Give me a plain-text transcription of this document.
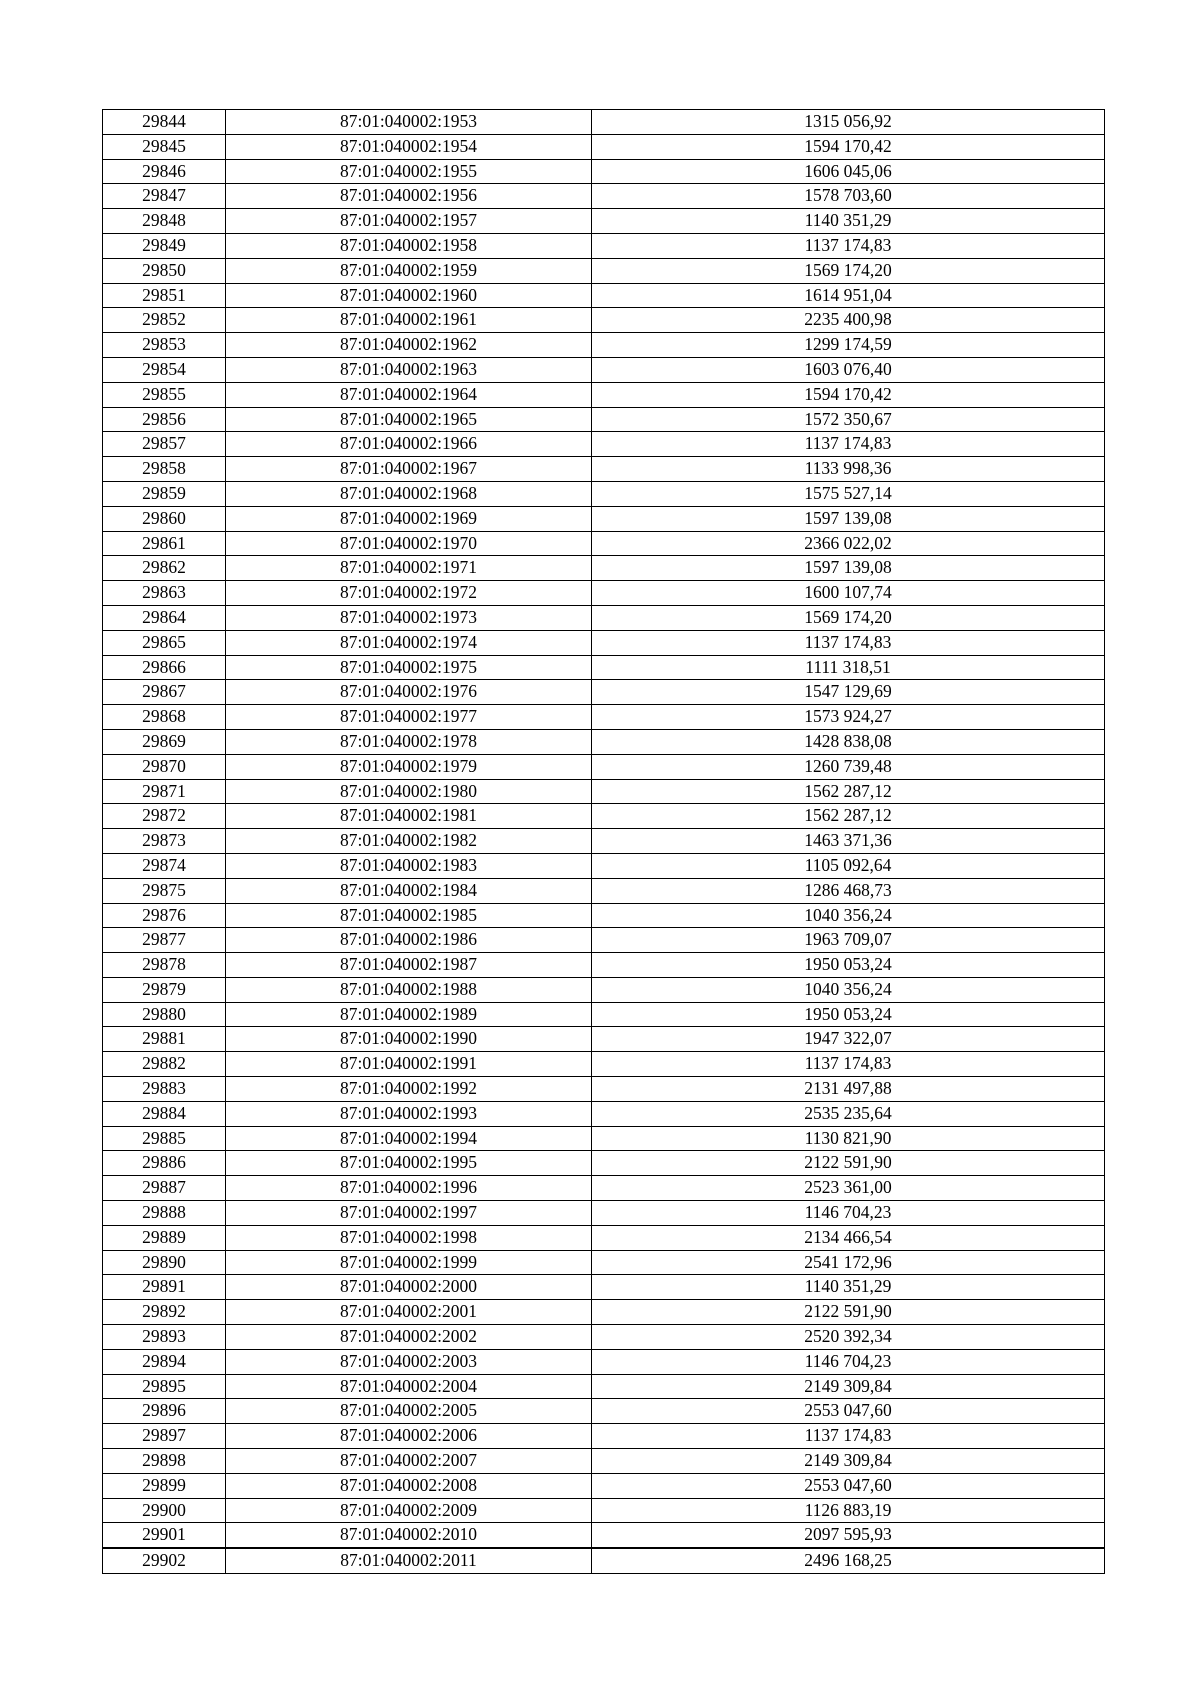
29844	87:01:040002:1953	1315 056,92
29845	87:01:040002:1954	1594 170,42
29846	87:01:040002:1955	1606 045,06
29847	87:01:040002:1956	1578 703,60
29848	87:01:040002:1957	1140 351,29
29849	87:01:040002:1958	1137 174,83
29850	87:01:040002:1959	1569 174,20
29851	87:01:040002:1960	1614 951,04
29852	87:01:040002:1961	2235 400,98
29853	87:01:040002:1962	1299 174,59
29854	87:01:040002:1963	1603 076,40
29855	87:01:040002:1964	1594 170,42
29856	87:01:040002:1965	1572 350,67
29857	87:01:040002:1966	1137 174,83
29858	87:01:040002:1967	1133 998,36
29859	87:01:040002:1968	1575 527,14
29860	87:01:040002:1969	1597 139,08
29861	87:01:040002:1970	2366 022,02
29862	87:01:040002:1971	1597 139,08
29863	87:01:040002:1972	1600 107,74
29864	87:01:040002:1973	1569 174,20
29865	87:01:040002:1974	1137 174,83
29866	87:01:040002:1975	1111 318,51
29867	87:01:040002:1976	1547 129,69
29868	87:01:040002:1977	1573 924,27
29869	87:01:040002:1978	1428 838,08
29870	87:01:040002:1979	1260 739,48
29871	87:01:040002:1980	1562 287,12
29872	87:01:040002:1981	1562 287,12
29873	87:01:040002:1982	1463 371,36
29874	87:01:040002:1983	1105 092,64
29875	87:01:040002:1984	1286 468,73
29876	87:01:040002:1985	1040 356,24
29877	87:01:040002:1986	1963 709,07
29878	87:01:040002:1987	1950 053,24
29879	87:01:040002:1988	1040 356,24
29880	87:01:040002:1989	1950 053,24
29881	87:01:040002:1990	1947 322,07
29882	87:01:040002:1991	1137 174,83
29883	87:01:040002:1992	2131 497,88
29884	87:01:040002:1993	2535 235,64
29885	87:01:040002:1994	1130 821,90
29886	87:01:040002:1995	2122 591,90
29887	87:01:040002:1996	2523 361,00
29888	87:01:040002:1997	1146 704,23
29889	87:01:040002:1998	2134 466,54
29890	87:01:040002:1999	2541 172,96
29891	87:01:040002:2000	1140 351,29
29892	87:01:040002:2001	2122 591,90
29893	87:01:040002:2002	2520 392,34
29894	87:01:040002:2003	1146 704,23
29895	87:01:040002:2004	2149 309,84
29896	87:01:040002:2005	2553 047,60
29897	87:01:040002:2006	1137 174,83
29898	87:01:040002:2007	2149 309,84
29899	87:01:040002:2008	2553 047,60
29900	87:01:040002:2009	1126 883,19
29901	87:01:040002:2010	2097 595,93
29902	87:01:040002:2011	2496 168,25
